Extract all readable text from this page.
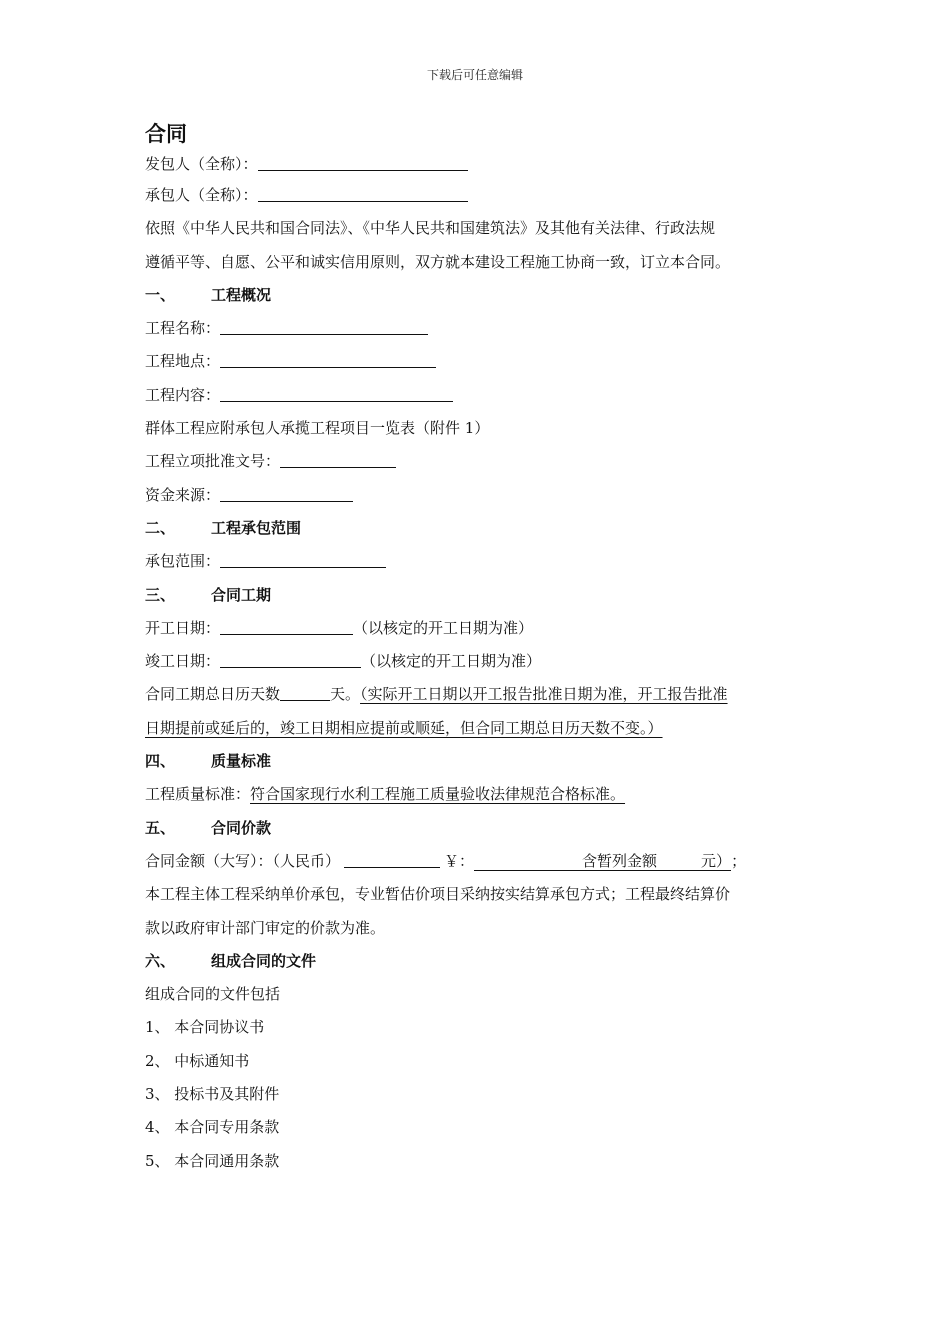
下载后可任意编辑
合同
发包人（全称）：
承包人（全称）：
依照《中华人民共和国合同法》、《中华人民共和国建筑法》及其他有关法律、行政法规
遵循平等、自愿、公平和诚实信用原则，双方就本建设工程施工协商一致，订立本合同。
一、 工程概况
工程名称：
工程地点：
工程内容：
群体工程应附承包人承揽工程项目一览表（附件 1）
工程立项批准文号：
资金来源：
二、 工程承包范围
承包范围：
三、 合同工期
开工日期：	（以核定的开工日期为准）
竣工日期：	（以核定的开工日期为准）
合同工期总日历天数	天。（实际开工日期以开工报告批准日期为准，开工报告批准
日期提前或延后的，竣工日期相应提前或顺延，但合同工期总日历天数不变。）
四、 质量标准
工程质量标准：符合国家现行水利工程施工质量验收法律规范合格标准。
五、 合同价款
合同金额（大写）：（人民币）	￥：	含暂列金额	元）；
本工程主体工程采纳单价承包，专业暂估价项目采纳按实结算承包方式；工程最终结算价
款以政府审计部门审定的价款为准。
六、 组成合同的文件
组成合同的文件包括
1、 本合同协议书
2、 中标通知书
3、 投标书及其附件
4、 本合同专用条款
5、 本合同通用条款
